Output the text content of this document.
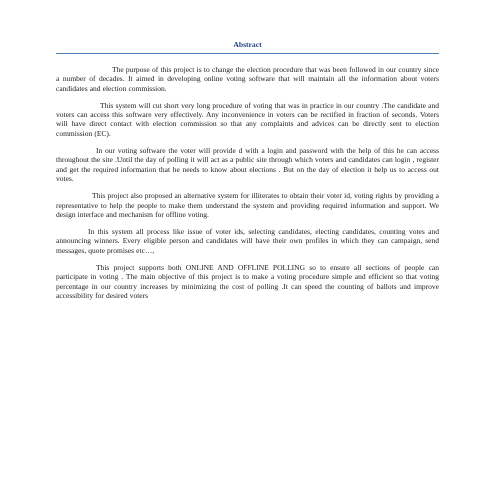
Abstract

The purpose of this project is to change the election procedure that was been followed in our country since a number of decades. It aimed in developing online voting software that will maintain all the information about voters candidates and election commission.

This system will cut short very long procedure of voting that was in practice in our country .The candidate and voters can access this software very effectively. Any inconvenience in voters can be rectified in fraction of seconds. Voters will have direct contact with election commission so that any complaints and advices can be directly sent to election commission (EC).

In our voting software the voter will provide d with a login and password with the help of this he can access throughout the site .Until the day of polling it will act as a public site through which voters and candidates can login , register and get the required information that he needs to know about elections . But on the day of election it help us to access out votes.

This project also proposed an alternative system for illiterates to obtain their voter id, voting rights by providing a representative to help the people to make them understand the system and providing required information and support. We design interface and mechanism for offline voting.

In this system all process like issue of voter ids, selecting candidates, electing candidates, counting votes and announcing winners. Every eligible person and candidates will have their own profiles in which they can campaign, send messages, quote promises etc…,

This project supports both ONLINE AND OFFLINE POLLING so to ensure all sections of people can participate in voting . The main objective of this project is to make a voting procedure simple and efficient so that voting percentage in our country increases by minimizing the cost of polling .It can speed the counting of ballots and improve accessibility for desired voters
